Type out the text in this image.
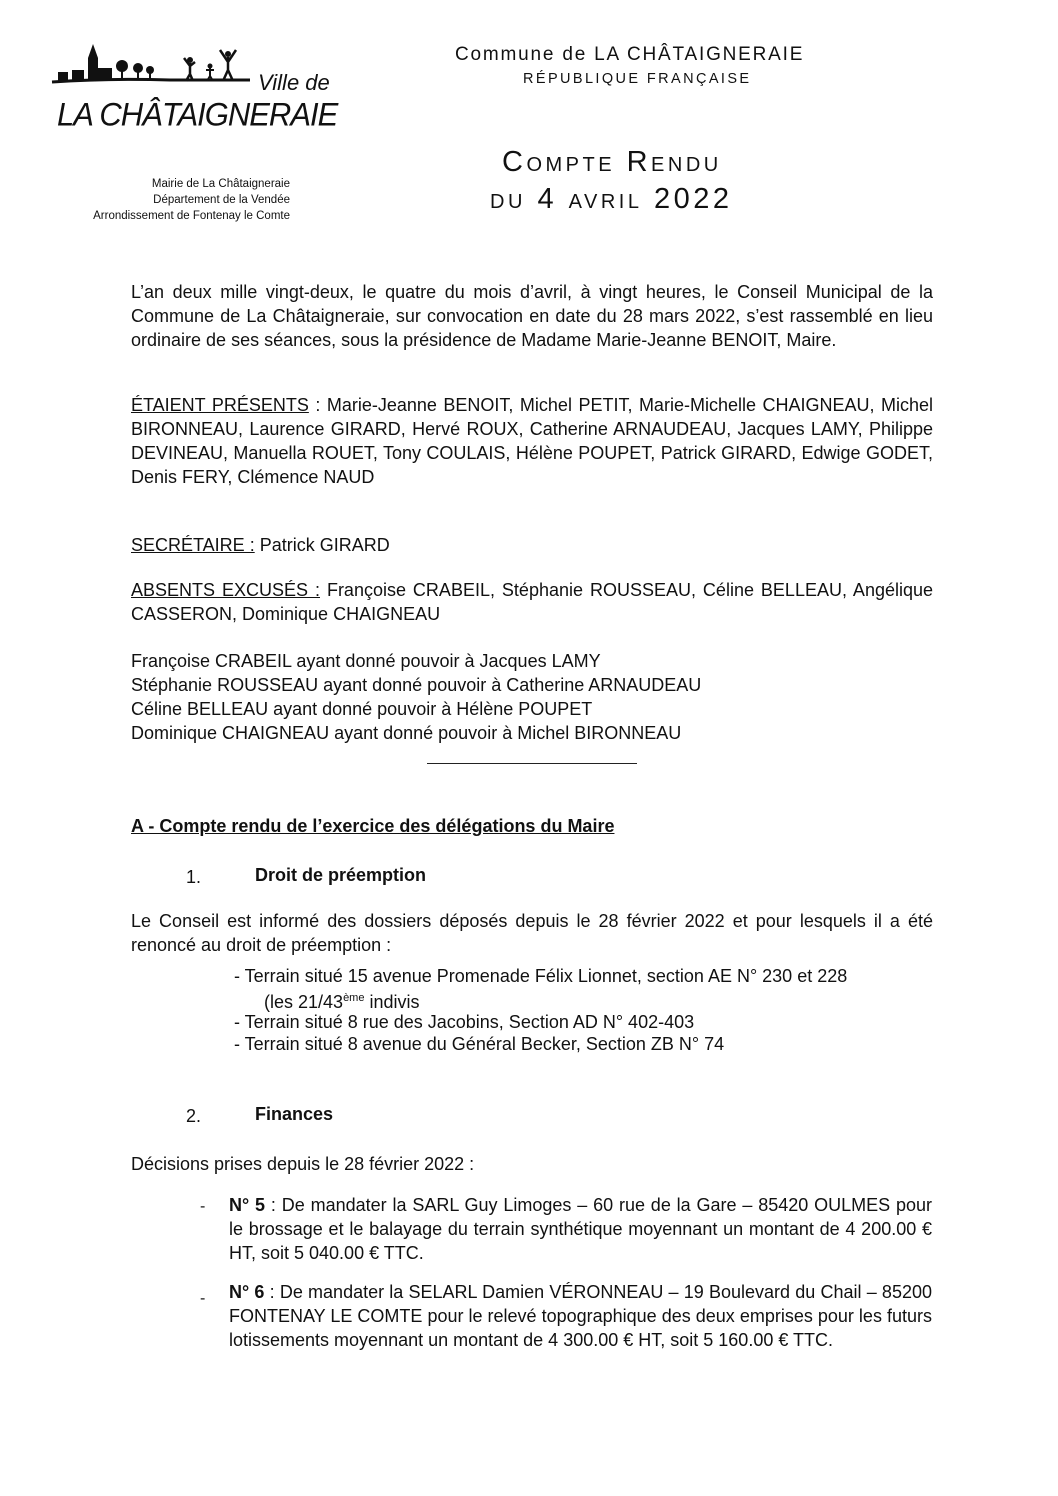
Ville de
LA CHÂTAIGNERAIE
Mairie de La Châtaigneraie
Département de la Vendée
Arrondissement de Fontenay le Comte
Commune de LA CHÂTAIGNERAIE
RÉPUBLIQUE FRANÇAISE
Compte Rendu
du 4 avril 2022
L’an deux mille vingt-deux, le quatre du mois d’avril, à vingt heures, le Conseil Municipal de la Commune de La Châtaigneraie, sur convocation en date du 28 mars 2022, s’est rassemblé en lieu ordinaire de ses séances, sous la présidence de Madame Marie-Jeanne BENOIT, Maire.
ÉTAIENT PRÉSENTS : Marie-Jeanne BENOIT, Michel PETIT, Marie-Michelle CHAIGNEAU, Michel BIRONNEAU, Laurence GIRARD, Hervé ROUX, Catherine ARNAUDEAU, Jacques LAMY, Philippe DEVINEAU, Manuella ROUET, Tony COULAIS, Hélène POUPET, Patrick GIRARD, Edwige GODET, Denis FERY, Clémence NAUD
SECRÉTAIRE : Patrick GIRARD
ABSENTS EXCUSÉS : Françoise CRABEIL, Stéphanie ROUSSEAU, Céline BELLEAU, Angélique CASSERON, Dominique CHAIGNEAU
Françoise CRABEIL ayant donné pouvoir à Jacques LAMY
Stéphanie ROUSSEAU ayant donné pouvoir à Catherine ARNAUDEAU
Céline BELLEAU ayant donné pouvoir à Hélène POUPET
Dominique CHAIGNEAU ayant donné pouvoir à Michel BIRONNEAU
A - Compte rendu de l’exercice des délégations du Maire
1.	Droit de préemption
Le Conseil est informé des dossiers déposés depuis le 28 février 2022 et pour lesquels il a été renoncé au droit de préemption :
- Terrain situé 15 avenue Promenade Félix Lionnet, section AE N° 230 et 228
(les 21/43ème indivis
- Terrain situé 8 rue des Jacobins, Section AD N° 402-403
- Terrain situé 8 avenue du Général Becker, Section ZB N° 74
2.	Finances
Décisions prises depuis le 28 février 2022 :
- N° 5 : De mandater la SARL Guy Limoges – 60 rue de la Gare – 85420 OULMES pour le brossage et le balayage du terrain synthétique moyennant un montant de 4 200.00 € HT, soit 5 040.00 € TTC.
- N° 6 : De mandater la SELARL Damien VÉRONNEAU – 19 Boulevard du Chail – 85200 FONTENAY LE COMTE pour le relevé topographique des deux emprises pour les futurs lotissements moyennant un montant de 4 300.00 € HT, soit 5 160.00 € TTC.
